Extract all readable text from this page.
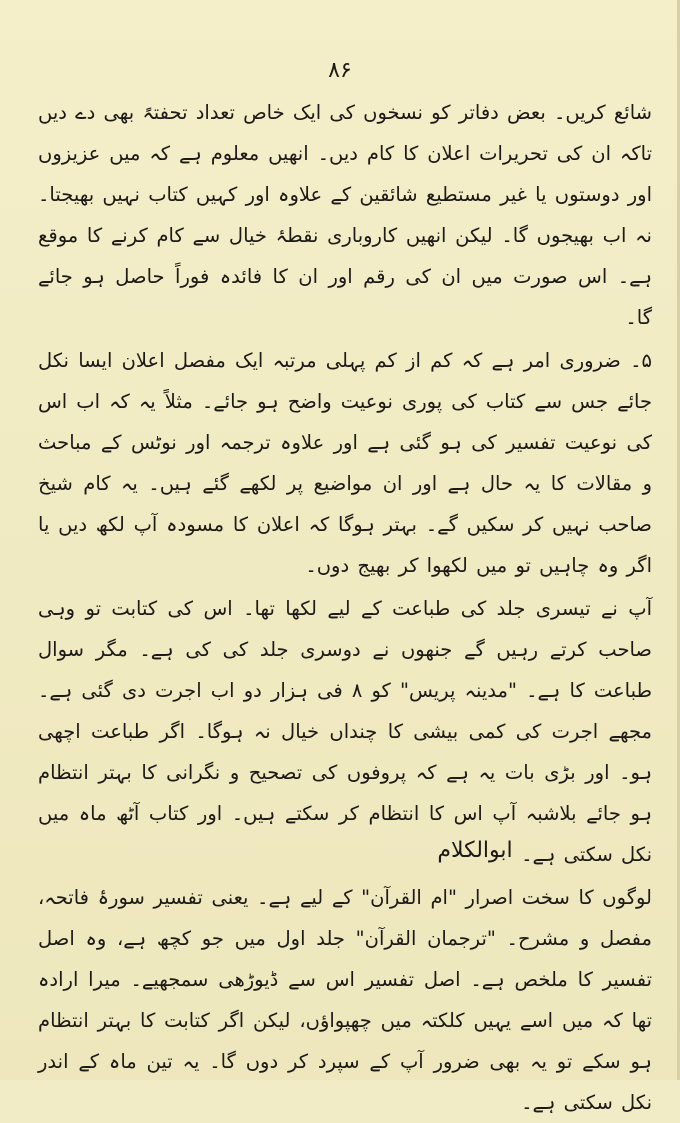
۸۶

شائع کریں۔ بعض دفاتر کو نسخوں کی ایک خاص تعداد تحفتہً بھی دے دیں تاکہ ان کی تحریرات اعلان کا کام دیں۔ انھیں معلوم ہے کہ میں عزیزوں اور دوستوں یا غیر مستطیع شائقین کے علاوہ اور کہیں کتاب نہیں بھیجتا۔ نہ اب بھیجوں گا۔ لیکن انھیں کاروباری نقطۂ خیال سے کام کرنے کا موقع ہے۔ اس صورت میں ان کی رقم اور ان کا فائدہ فوراً حاصل ہو جائے گا۔

۵۔ ضروری امر ہے کہ کم از کم پہلی مرتبہ ایک مفصل اعلان ایسا نکل جائے جس سے کتاب کی پوری نوعیت واضح ہو جائے۔ مثلاً یہ کہ اب اس کی نوعیت تفسیر کی ہو گئی ہے اور علاوہ ترجمہ اور نوٹس کے مباحث و مقالات کا یہ حال ہے اور ان مواضیع پر لکھے گئے ہیں۔ یہ کام شیخ صاحب نہیں کر سکیں گے۔ بہتر ہوگا کہ اعلان کا مسودہ آپ لکھ دیں یا اگر وہ چاہیں تو میں لکھوا کر بھیج دوں۔

آپ نے تیسری جلد کی طباعت کے لیے لکھا تھا۔ اس کی کتابت تو وہی صاحب کرتے رہیں گے جنھوں نے دوسری جلد کی کی ہے۔ مگر سوال طباعت کا ہے۔ "مدینہ پریس" کو ۸ فی ہزار دو اب اجرت دی گئی ہے۔ مجھے اجرت کی کمی بیشی کا چنداں خیال نہ ہوگا۔ اگر طباعت اچھی ہو۔ اور بڑی بات یہ ہے کہ پروفوں کی تصحیح و نگرانی کا بہتر انتظام ہو جائے بلاشبہ آپ اس کا انتظام کر سکتے ہیں۔ اور کتاب آٹھ ماہ میں نکل سکتی ہے۔

لوگوں کا سخت اصرار "ام القرآن" کے لیے ہے۔ یعنی تفسیر سورۂ فاتحہ، مفصل و مشرح۔ "ترجمان القرآن" جلد اول میں جو کچھ ہے، وہ اصل تفسیر کا ملخص ہے۔ اصل تفسیر اس سے ڈیوڑھی سمجھیے۔ میرا ارادہ تھا کہ میں اسے یہیں کلکتہ میں چھپواؤں، لیکن اگر کتابت کا بہتر انتظام ہو سکے تو یہ بھی ضرور آپ کے سپرد کر دوں گا۔ یہ تین ماہ کے اندر نکل سکتی ہے۔

ابوالکلام
